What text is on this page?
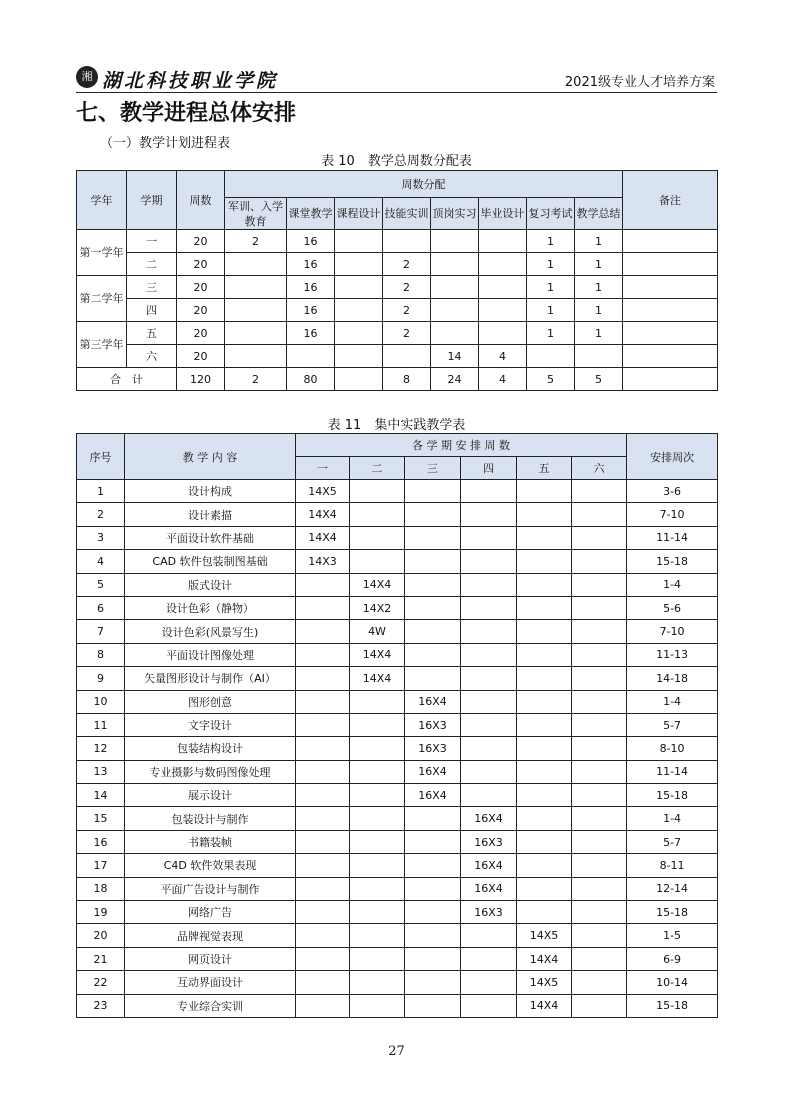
湘 湖北科技职业学院	2021级专业人才培养方案
七、教学进程总体安排
（一）教学计划进程表
表 10　教学总周数分配表
学年	学期	周数	周数分配								备注
			军训、入学教育	课堂教学	课程设计	技能实训	顶岗实习	毕业设计	复习考试	教学总结	
第一学年	一	20	2	16					1	1	
	二	20		16		2			1	1	
第二学年	三	20		16		2			1	1	
	四	20		16		2			1	1	
第三学年	五	20		16		2			1	1	
	六	20					14	4			
合　计		120	2	80		8	24	4	5	5	
表 11　集中实践教学表
序号	教 学 内 容	各 学 期 安 排 周 数						安排周次
		一	二	三	四	五	六	
1	设计构成	14X5						3-6
2	设计素描	14X4						7-10
3	平面设计软件基础	14X4						11-14
4	CAD 软件包装制图基础	14X3						15-18
5	版式设计		14X4					1-4
6	设计色彩（静物）		14X2					5-6
7	设计色彩(风景写生)		4W					7-10
8	平面设计图像处理		14X4					11-13
9	矢量图形设计与制作（AI）		14X4					14-18
10	图形创意			16X4				1-4
11	文字设计			16X3				5-7
12	包装结构设计			16X3				8-10
13	专业摄影与数码图像处理			16X4				11-14
14	展示设计			16X4				15-18
15	包装设计与制作				16X4			1-4
16	书籍装帧				16X3			5-7
17	C4D 软件效果表现				16X4			8-11
18	平面广告设计与制作				16X4			12-14
19	网络广告				16X3			15-18
20	品牌视觉表现					14X5		1-5
21	网页设计					14X4		6-9
22	互动界面设计					14X5		10-14
23	专业综合实训					14X4		15-18
27
